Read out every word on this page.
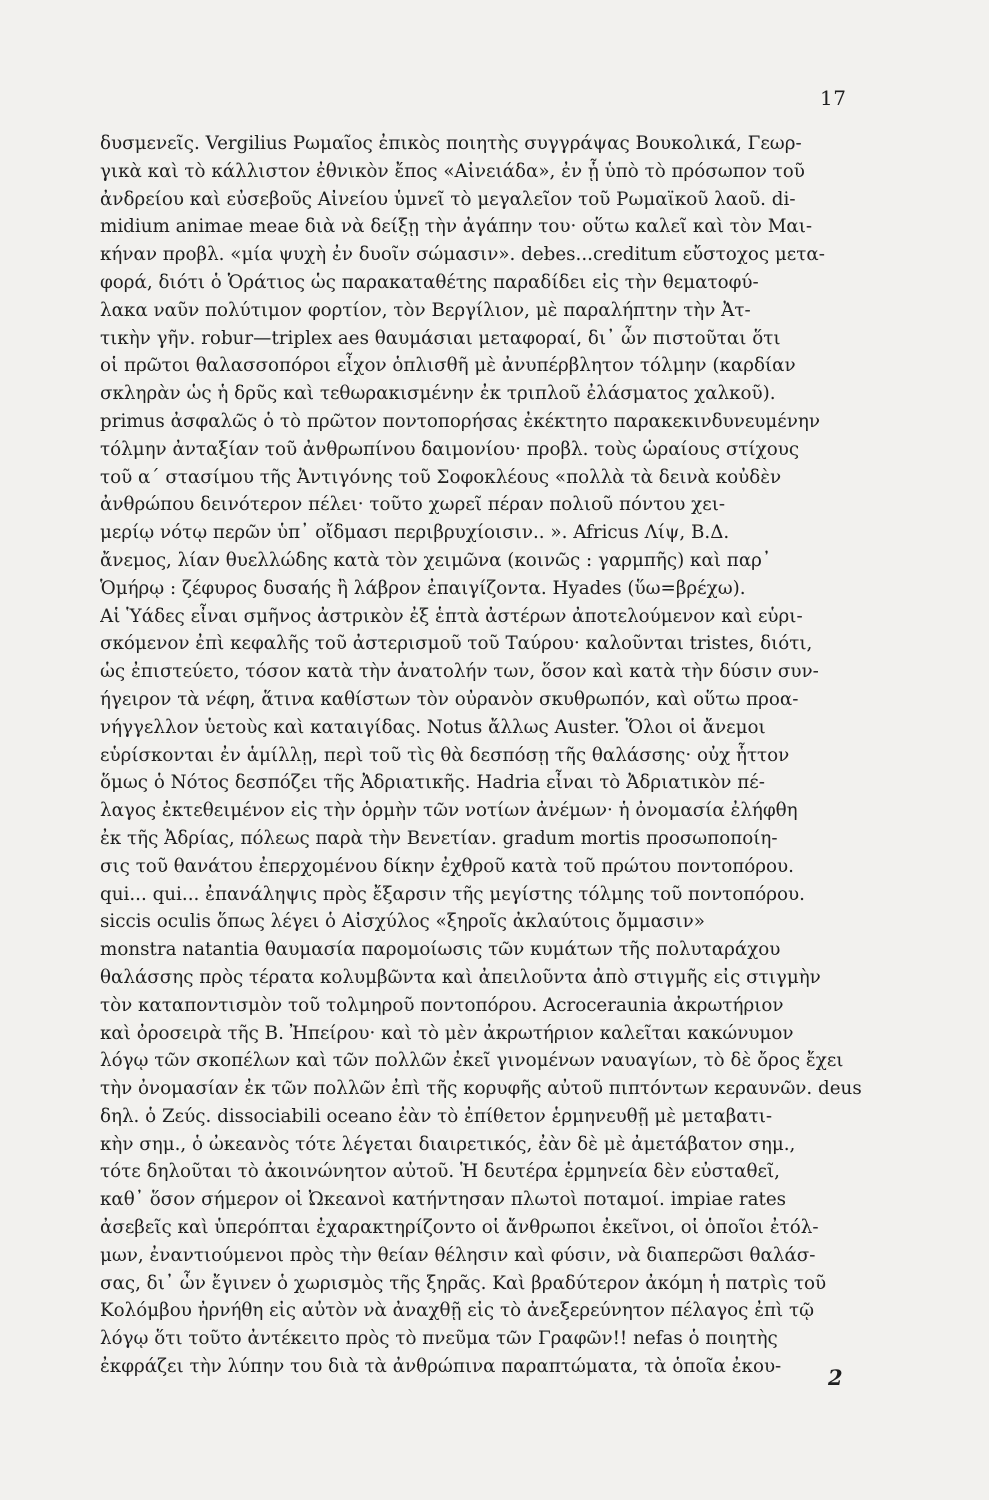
17
δυσμενεῖς. Vergilius Ρωμαῖος ἐπικὸς ποιητὴς συγγράψας Βουκολικά, Γεωρ-
γικὰ καὶ τὸ κάλλιστον ἐθνικὸν ἔπος «Αἰνειάδα», ἐν ᾗ ὑπὸ τὸ πρόσωπον τοῦ
ἀνδρείου καὶ εὐσεβοῦς Αἰνείου ὑμνεῖ τὸ μεγαλεῖον τοῦ Ρωμαϊκοῦ λαοῦ. di-
midium animae meae διὰ νὰ δείξῃ τὴν ἀγάπην του· οὕτω καλεῖ καὶ τὸν Μαι-
κήναν προβλ. «μία ψυχὴ ἐν δυοῖν σώμασιν». debes...creditum εὔστοχος μετα-
φορά, διότι ὁ Ὁράτιος ὡς παρακαταθέτης παραδίδει εἰς τὴν θεματοφύ-
λακα ναῦν πολύτιμον φορτίον, τὸν Βεργίλιον, μὲ παραλήπτην τὴν Ἀτ-
τικὴν γῆν. robur—triplex aes θαυμάσιαι μεταφοραί, δι᾽ ὧν πιστοῦται ὅτι
οἱ πρῶτοι θαλασσοπόροι εἶχον ὁπλισθῆ μὲ ἀνυπέρβλητον τόλμην (καρδίαν
σκληρὰν ὡς ἡ δρῦς καὶ τεθωρακισμένην ἐκ τριπλοῦ ἐλάσματος χαλκοῦ).
primus ἀσφαλῶς ὁ τὸ πρῶτον ποντοπορήσας ἐκέκτητο παρακεκινδυνευμένην
τόλμην ἀνταξίαν τοῦ ἀνθρωπίνου δαιμονίου· προβλ. τοὺς ὡραίους στίχους
τοῦ α´ στασίμου τῆς Ἀντιγόνης τοῦ Σοφοκλέους «πολλὰ τὰ δεινὰ κοὐδὲν
ἀνθρώπου δεινότερον πέλει· τοῦτο χωρεῖ πέραν πολιοῦ πόντου χει-
μερίῳ νότῳ περῶν ὑπ᾽ οἴδμασι περιβρυχίοισιν.. ». Africus Λίψ, Β.Δ.
ἄνεμος, λίαν θυελλώδης κατὰ τὸν χειμῶνα (κοινῶς : γαρμπῆς) καὶ παρ᾽
Ὁμήρῳ : ζέφυρος δυσαής ἢ λάβρον ἐπαιγίζοντα. Hyades (ὕω=βρέχω).
Αἱ Ὑάδες εἶναι σμῆνος ἀστρικὸν ἐξ ἑπτὰ ἀστέρων ἀποτελούμενον καὶ εὑρι-
σκόμενον ἐπὶ κεφαλῆς τοῦ ἀστερισμοῦ τοῦ Ταύρου· καλοῦνται tristes, διότι,
ὡς ἐπιστεύετο, τόσον κατὰ τὴν ἀνατολήν των, ὅσον καὶ κατὰ τὴν δύσιν συν-
ήγειρον τὰ νέφη, ἅτινα καθίστων τὸν οὐρανὸν σκυθρωπόν, καὶ οὕτω προα-
νήγγελλον ὑετοὺς καὶ καταιγίδας. Notus ἄλλως Auster. Ὅλοι οἱ ἄνεμοι
εὑρίσκονται ἐν ἁμίλλῃ, περὶ τοῦ τὶς θὰ δεσπόσῃ τῆς θαλάσσης· οὐχ ἧττον
ὅμως ὁ Νότος δεσπόζει τῆς Ἀδριατικῆς. Hadria εἶναι τὸ Ἀδριατικὸν πέ-
λαγος ἐκτεθειμένον εἰς τὴν ὁρμὴν τῶν νοτίων ἀνέμων· ἡ ὀνομασία ἐλήφθη
ἐκ τῆς Ἀδρίας, πόλεως παρὰ τὴν Βενετίαν. gradum mortis προσωποποίη-
σις τοῦ θανάτου ἐπερχομένου δίκην ἐχθροῦ κατὰ τοῦ πρώτου ποντοπόρου.
qui... qui... ἐπανάληψις πρὸς ἔξαρσιν τῆς μεγίστης τόλμης τοῦ ποντοπόρου.
siccis oculis ὅπως λέγει ὁ Αἰσχύλος «ξηροῖς ἀκλαύτοις ὄμμασιν»
monstra natantia θαυμασία παρομοίωσις τῶν κυμάτων τῆς πολυταράχου
θαλάσσης πρὸς τέρατα κολυμβῶντα καὶ ἀπειλοῦντα ἀπὸ στιγμῆς εἰς στιγμὴν
τὸν καταποντισμὸν τοῦ τολμηροῦ ποντοπόρου. Acroceraunia ἀκρωτήριον
καὶ ὀροσειρὰ τῆς Β. Ἠπείρου· καὶ τὸ μὲν ἀκρωτήριον καλεῖται κακώνυμον
λόγῳ τῶν σκοπέλων καὶ τῶν πολλῶν ἐκεῖ γινομένων ναυαγίων, τὸ δὲ ὄρος ἔχει
τὴν ὀνομασίαν ἐκ τῶν πολλῶν ἐπὶ τῆς κορυφῆς αὐτοῦ πιπτόντων κεραυνῶν. deus
δηλ. ὁ Ζεύς. dissociabili oceano ἐὰν τὸ ἐπίθετον ἑρμηνευθῇ μὲ μεταβατι-
κὴν σημ., ὁ ὠκεανὸς τότε λέγεται διαιρετικός, ἐὰν δὲ μὲ ἀμετάβατον σημ.,
τότε δηλοῦται τὸ ἀκοινώνητον αὐτοῦ. Ἡ δευτέρα ἑρμηνεία δὲν εὐσταθεῖ,
καθ᾽ ὅσον σήμερον οἱ Ὠκεανοὶ κατήντησαν πλωτοὶ ποταμοί. impiae rates
ἀσεβεῖς καὶ ὑπερόπται ἐχαρακτηρίζοντο οἱ ἄνθρωποι ἐκεῖνοι, οἱ ὁποῖοι ἐτόλ-
μων, ἐναντιούμενοι πρὸς τὴν θείαν θέλησιν καὶ φύσιν, νὰ διαπερῶσι θαλάσ-
σας, δι᾽ ὧν ἔγινεν ὁ χωρισμὸς τῆς ξηρᾶς. Καὶ βραδύτερον ἀκόμη ἡ πατρὶς τοῦ
Κολόμβου ἠρνήθη εἰς αὐτὸν νὰ ἀναχθῇ εἰς τὸ ἀνεξερεύνητον πέλαγος ἐπὶ τῷ
λόγῳ ὅτι τοῦτο ἀντέκειτο πρὸς τὸ πνεῦμα τῶν Γραφῶν!! nefas ὁ ποιητὴς
ἐκφράζει τὴν λύπην του διὰ τὰ ἀνθρώπινα παραπτώματα, τὰ ὁποῖα ἐκου-	2
